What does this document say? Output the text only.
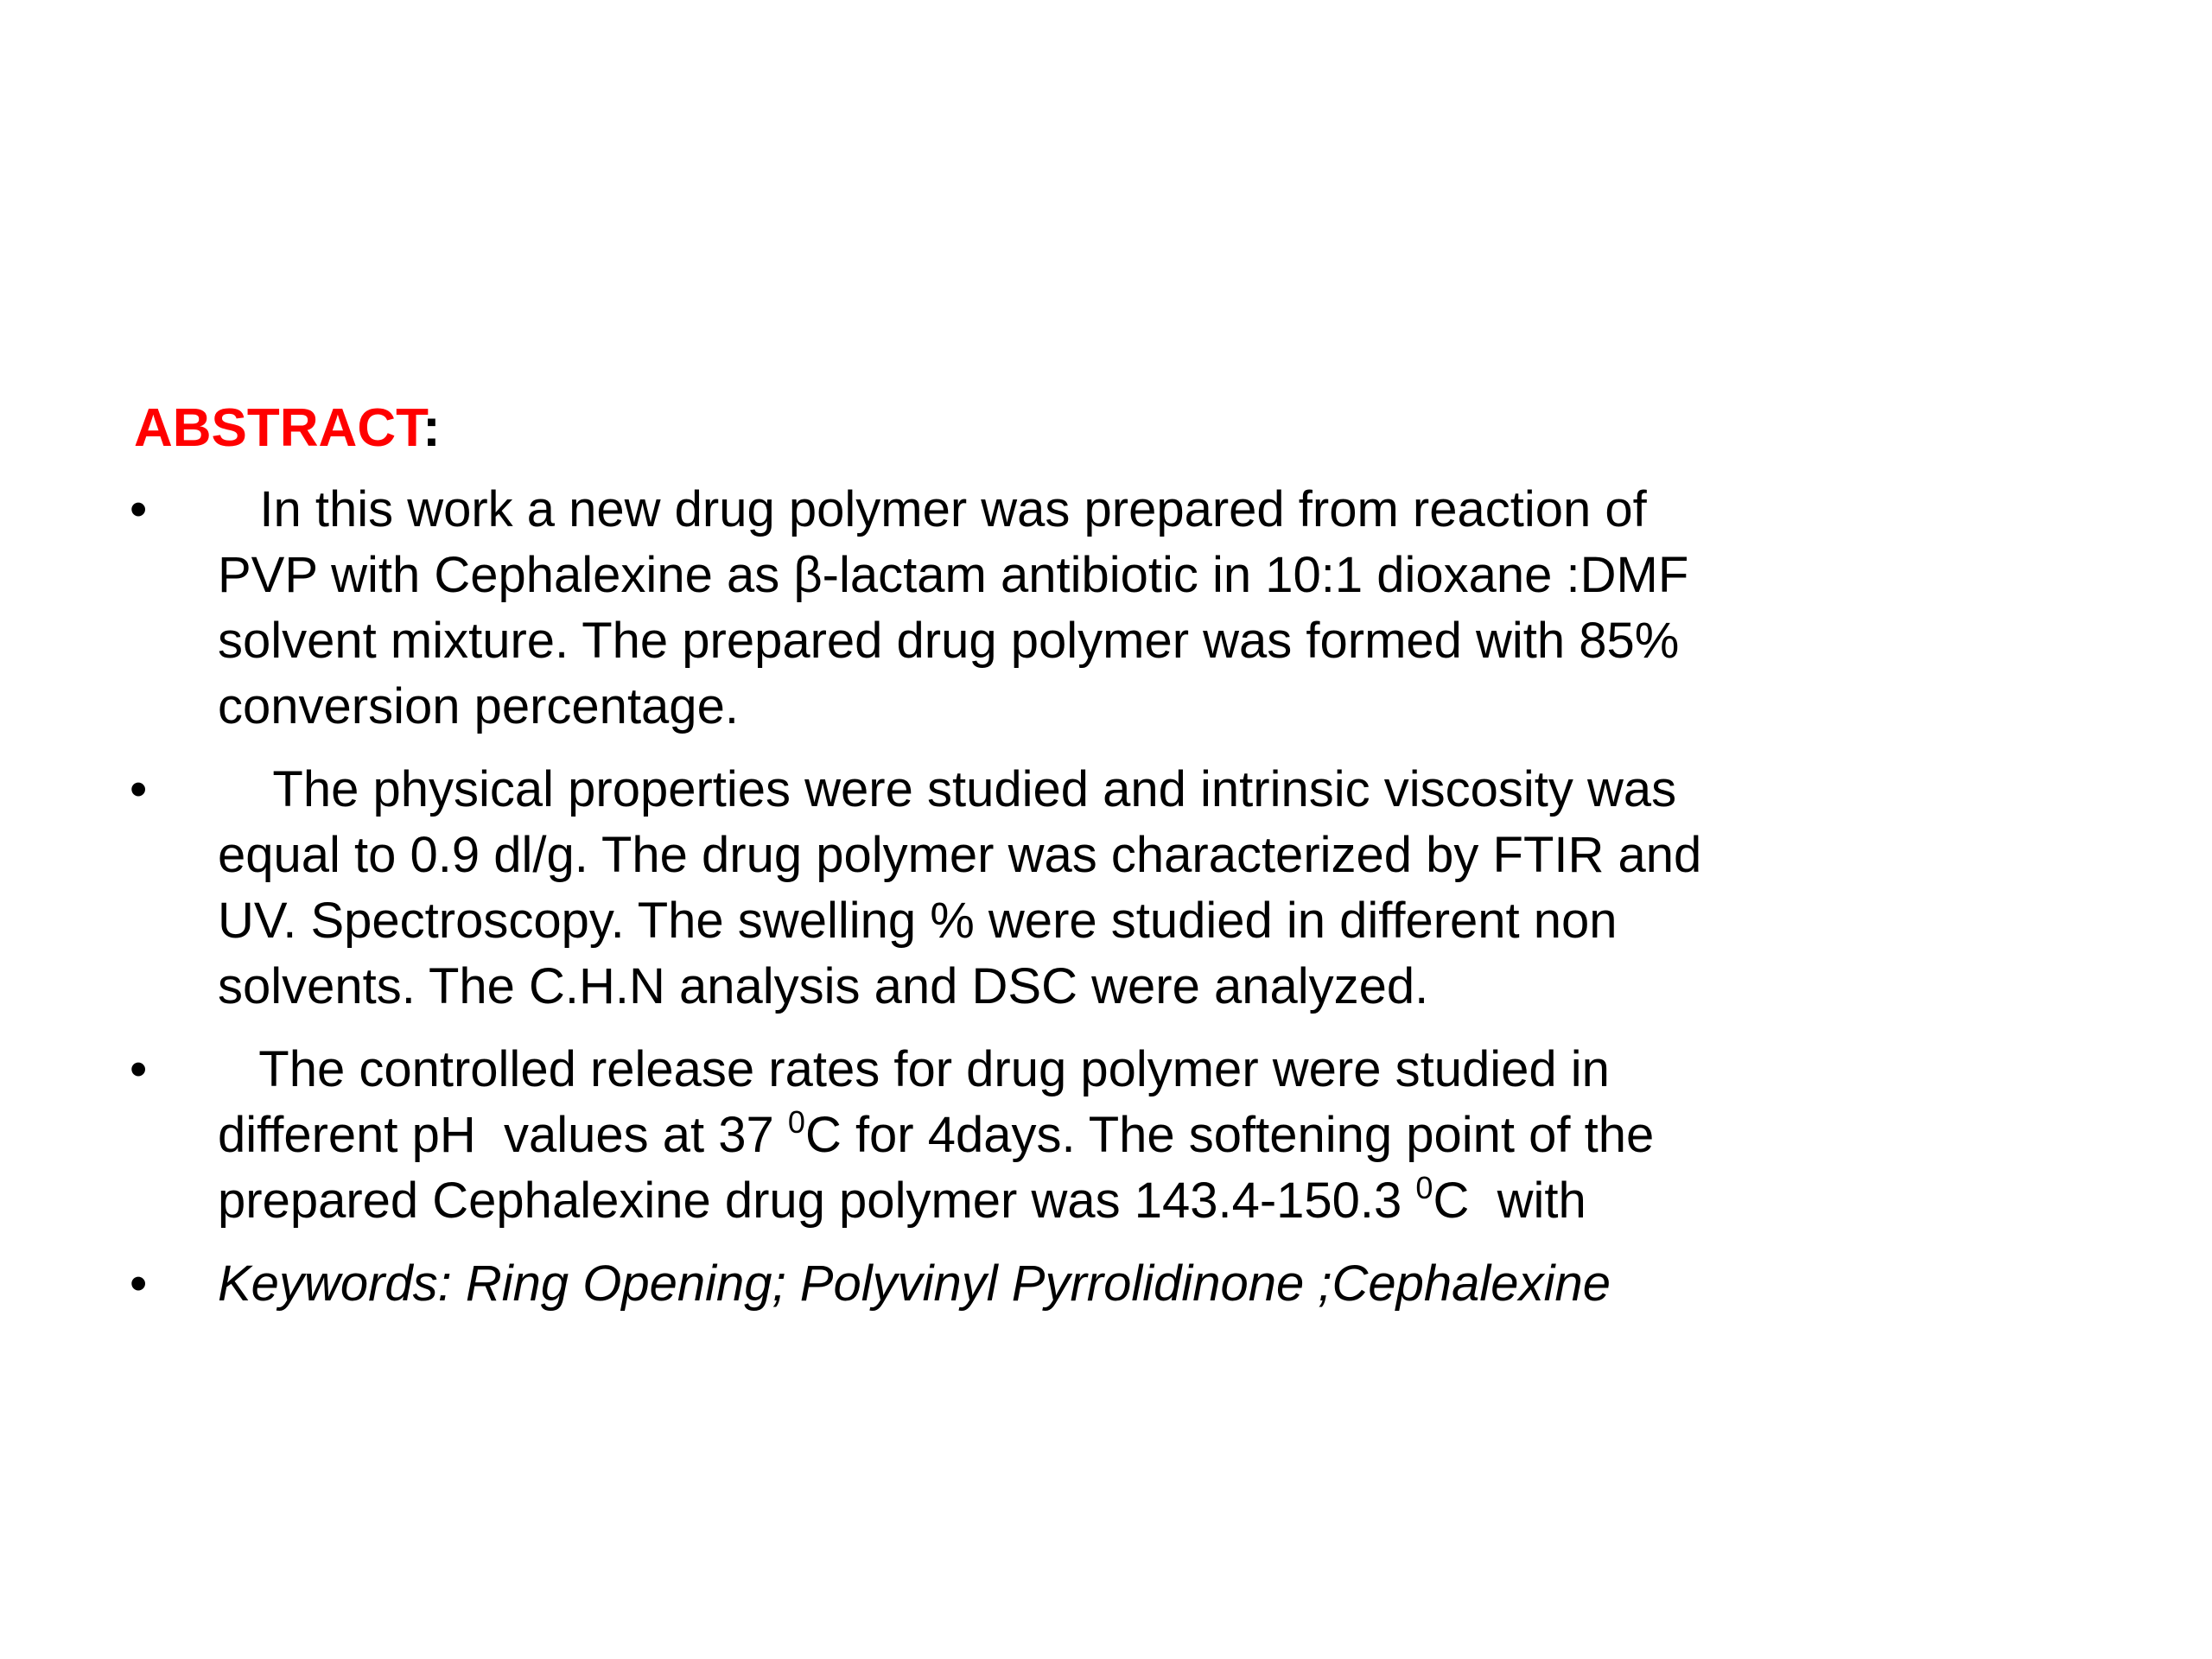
ABSTRACT:
• In this work a new drug polymer was prepared from reaction of
PVP with Cephalexine as β-lactam antibiotic in 10:1 dioxane :DMF
solvent mixture. The prepared drug polymer was formed with 85%
conversion percentage.
• The physical properties were studied and intrinsic viscosity was
equal to 0.9 dl/g. The drug polymer was characterized by FTIR and
UV. Spectroscopy. The swelling % were studied in different non
solvents. The C.H.N analysis and DSC were analyzed.
• The controlled release rates for drug polymer were studied in
different pH  values at 37 $^0$C for 4days. The softening point of the
prepared Cephalexine drug polymer was 143.4-150.3 $^0$C  with
• Keywords: Ring Opening; Polyvinyl Pyrrolidinone ;Cephalexine
